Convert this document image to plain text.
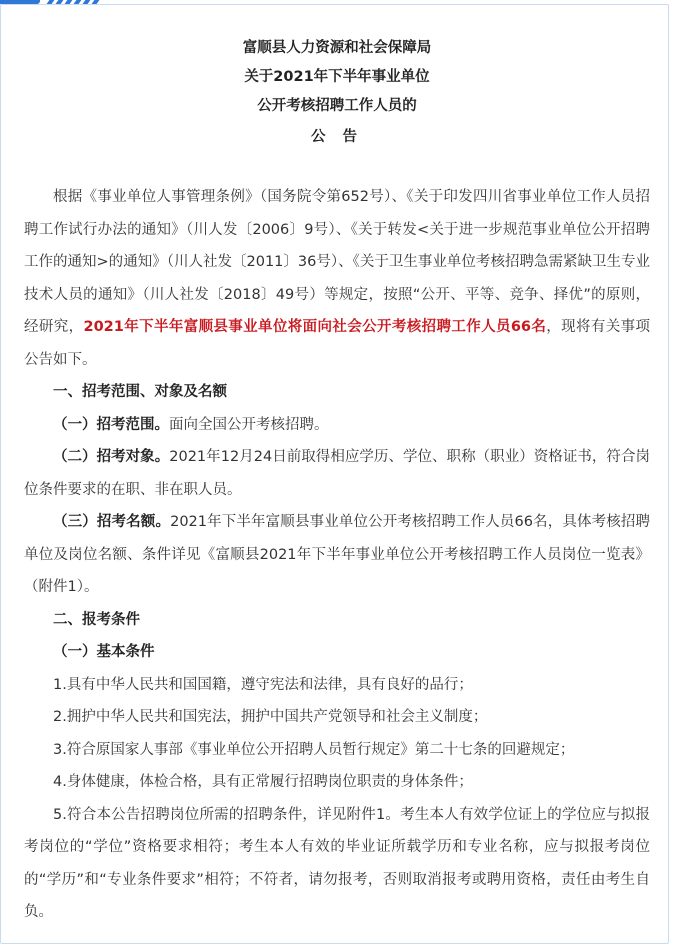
富顺县人力资源和社会保障局
关于2021年下半年事业单位
公开考核招聘工作人员的
公 告

根据《事业单位人事管理条例》（国务院令第652号）、《关于印发四川省事业单位工作人员招聘工作试行办法的通知》（川人发〔2006〕9号）、《关于转发<关于进一步规范事业单位公开招聘工作的通知>的通知》（川人社发〔2011〕36号）、《关于卫生事业单位考核招聘急需紧缺卫生专业技术人员的通知》（川人社发〔2018〕49号）等规定，按照“公开、平等、竞争、择优”的原则，经研究，2021年下半年富顺县事业单位将面向社会公开考核招聘工作人员66名，现将有关事项公告如下。

一、招考范围、对象及名额

（一）招考范围。面向全国公开考核招聘。

（二）招考对象。2021年12月24日前取得相应学历、学位、职称（职业）资格证书，符合岗位条件要求的在职、非在职人员。

（三）招考名额。2021年下半年富顺县事业单位公开考核招聘工作人员66名，具体考核招聘单位及岗位名额、条件详见《富顺县2021年下半年事业单位公开考核招聘工作人员岗位一览表》（附件1）。

二、报考条件

（一）基本条件

1.具有中华人民共和国国籍，遵守宪法和法律，具有良好的品行；

2.拥护中华人民共和国宪法，拥护中国共产党领导和社会主义制度；

3.符合原国家人事部《事业单位公开招聘人员暂行规定》第二十七条的回避规定；

4.身体健康，体检合格，具有正常履行招聘岗位职责的身体条件；

5.符合本公告招聘岗位所需的招聘条件，详见附件1。考生本人有效学位证上的学位应与拟报考岗位的“学位”资格要求相符；考生本人有效的毕业证所载学历和专业名称，应与拟报考岗位的“学历”和“专业条件要求”相符；不符者，请勿报考，否则取消报考或聘用资格，责任由考生自负。
